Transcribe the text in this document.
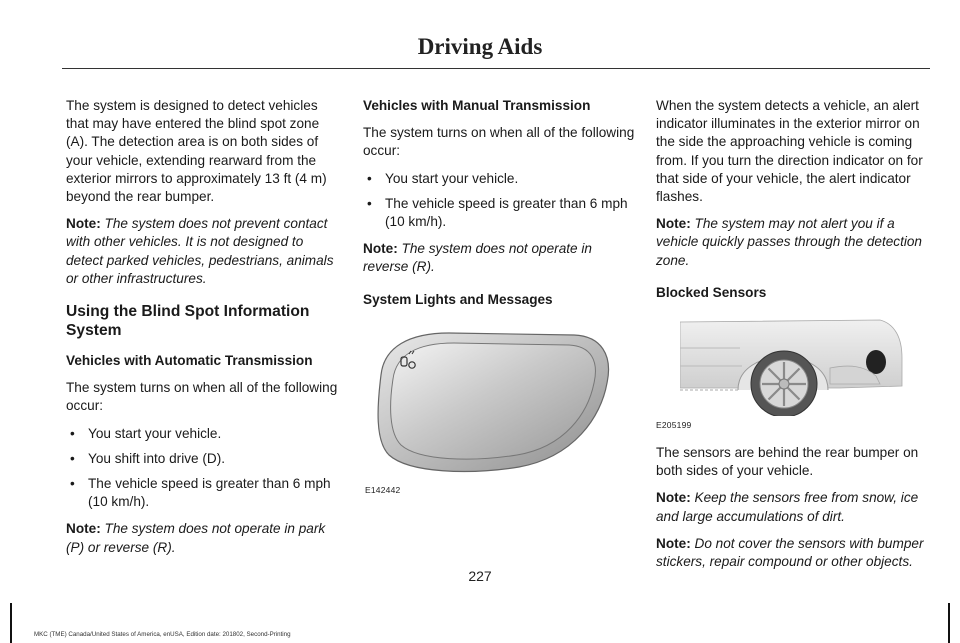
Driving Aids

The system is designed to detect vehicles that may have entered the blind spot zone (A). The detection area is on both sides of your vehicle, extending rearward from the exterior mirrors to approximately 13 ft (4 m) beyond the rear bumper.

Note: The system does not prevent contact with other vehicles. It is not designed to detect parked vehicles, pedestrians, animals or other infrastructures.

Using the Blind Spot Information System
Vehicles with Automatic Transmission

The system turns on when all of the following occur:

• You start your vehicle.
• You shift into drive (D).
• The vehicle speed is greater than 6 mph (10 km/h).

Note: The system does not operate in park (P) or reverse (R).

Vehicles with Manual Transmission

The system turns on when all of the following occur:

• You start your vehicle.
• The vehicle speed is greater than 6 mph (10 km/h).

Note: The system does not operate in reverse (R).

System Lights and Messages
E142442

When the system detects a vehicle, an alert indicator illuminates in the exterior mirror on the side the approaching vehicle is coming from. If you turn the direction indicator on for that side of your vehicle, the alert indicator flashes.

Note: The system may not alert you if a vehicle quickly passes through the detection zone.

Blocked Sensors
E205199

The sensors are behind the rear bumper on both sides of your vehicle.

Note: Keep the sensors free from snow, ice and large accumulations of dirt.

Note: Do not cover the sensors with bumper stickers, repair compound or other objects.

227
MKC (TME) Canada/United States of America, enUSA, Edition date: 201802, Second-Printing
